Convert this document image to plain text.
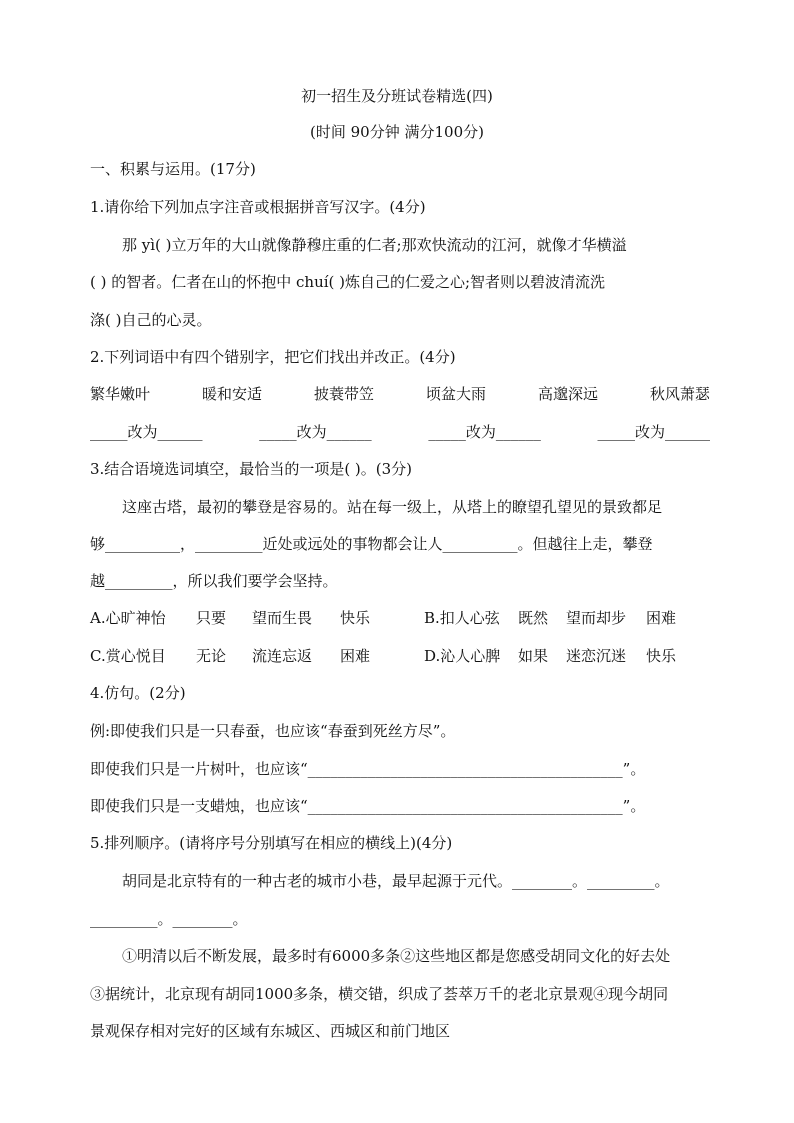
初一招生及分班试卷精选(四)
(时间 90分钟 满分100分)
一、积累与运用。(17分)
1.请你给下列加点字注音或根据拼音写汉字。(4分)
那 yì( )立万年的大山就像静穆庄重的仁者;那欢快流动的江河，就像才华横溢
( ) 的智者。仁者在山的怀抱中 chuí( )炼自己的仁爱之心;智者则以碧波清流洗
涤( )自己的心灵。
2.下列词语中有四个错别字，把它们找出并改正。(4分)
繁华嫩叶	暖和安适	披蓑带笠	顷盆大雨	高邈深远	秋风萧瑟
_____改为______	_____改为______	_____改为______	_____改为______
3.结合语境选词填空，最恰当的一项是( )。(3分)
这座古塔，最初的攀登是容易的。站在每一级上，从塔上的瞭望孔望见的景致都足
够__________，_________近处或远处的事物都会让人__________。但越往上走，攀登
越_________，所以我们要学会坚持。
A.心旷神怡	只要	望而生畏	快乐	B.扣人心弦	既然	望而却步	困难
C.赏心悦目	无论	流连忘返	困难	D.沁人心脾	如果	迷恋沉迷	快乐
4.仿句。(2分)
例:即使我们只是一只春蚕，也应该“春蚕到死丝方尽”。
即使我们只是一片树叶，也应该“__________________________________________”。
即使我们只是一支蜡烛，也应该“__________________________________________”。
5.排列顺序。(请将序号分别填写在相应的横线上)(4分)
胡同是北京特有的一种古老的城市小巷，最早起源于元代。________。_________。
_________。________。
①明清以后不断发展，最多时有6000多条②这些地区都是您感受胡同文化的好去处
③据统计，北京现有胡同1000多条，横交错，织成了荟萃万千的老北京景观④现今胡同
景观保存相对完好的区域有东城区、西城区和前门地区
